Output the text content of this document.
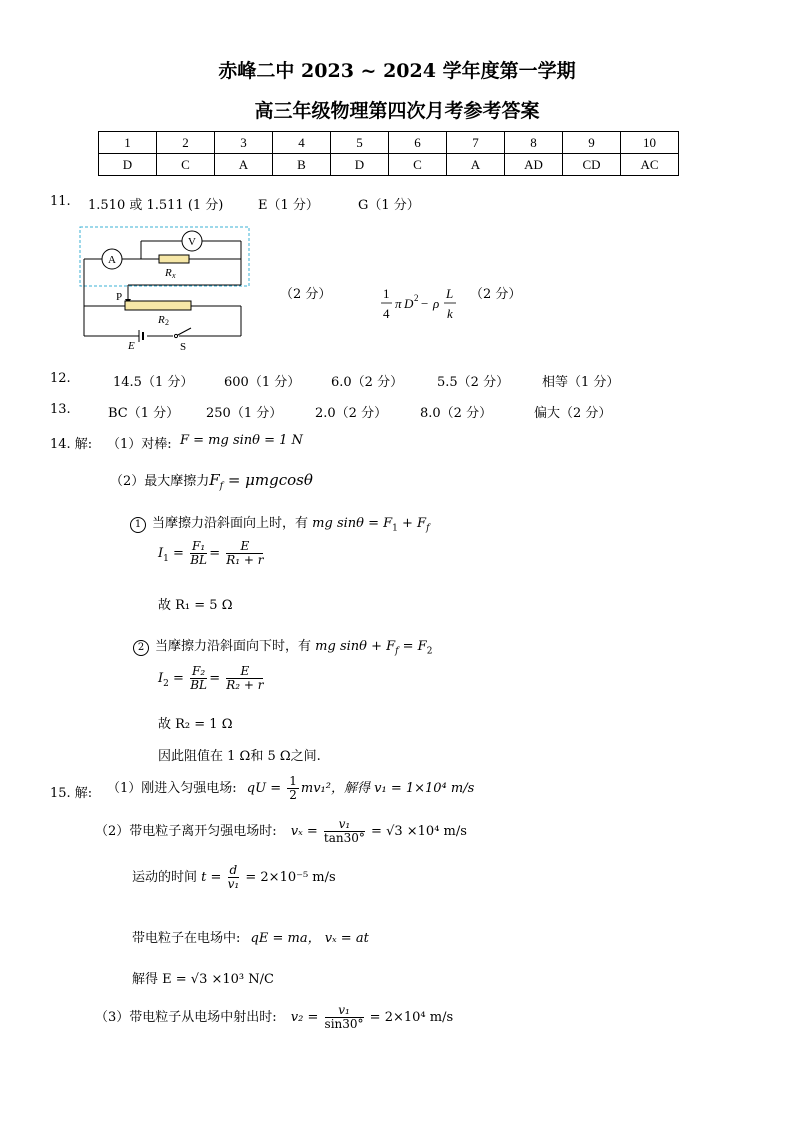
赤峰二中 2023 ~ 2024 学年度第一学期
高三年级物理第四次月考参考答案
1	2	3	4	5	6	7	8	9	10
D	C	A	B	D	C	A	AD	CD	AC
11. 1.510 或 1.511 (1 分)	E（1 分）	G（1 分）
A
V
R x
P
R 2
E	S
（2 分）	1
4
π D 2 − ρ
L
k
（2 分）
12.	14.5（1 分） 600（1 分） 6.0（2 分）	5.5（2 分）	相等（1 分）
13.	BC（1 分） 250（1 分）	2.0（2 分）	8.0（2 分）	偏大（2 分）
14. 解: （1）对棒: F = mg sinθ = 1 N
（2）最大摩擦力$F_f = \mu mgcos\theta$
1 当摩擦力沿斜面向上时，有 mg $\sin\theta = F_1 + F_f$
$I_1 = \frac{\text{F₁}}{BL} = \frac{E}{\text{R₁ + r}}$
故 R₁ = 5 Ω
2 当摩擦力沿斜面向下时，有 mg $\sin\theta + F_f = F_2$
$I_2 = \frac{\text{F₂}}{BL} = \frac{E}{\text{R₂ + r}}$
故 R₂ = 1 Ω
因此阻值在 1 Ω和 5 Ω之间.
15. 解: （1）刚进入匀强电场: qU = $\frac{1}{2} mv_1^2$，解得 v₁ = 1×10⁴ m/s
（2）带电粒子离开匀强电场时: $v_x = \frac{\text{v₁}}{\tan 30^\circ} = √3 \times 10^4$ m/s
运动的时间 $t = \frac{d}{\text{v₁}} = 2\times 10^{-5}$ m/s
带电粒子在电场中: qE = ma， vₓ = at
解得 E = √3 ×10³ N/C
（3）带电粒子从电场中射出时: $v_2 = \frac{\text{v₁}}{\sin 30^\circ} = 2\times 10^4$ m/s
